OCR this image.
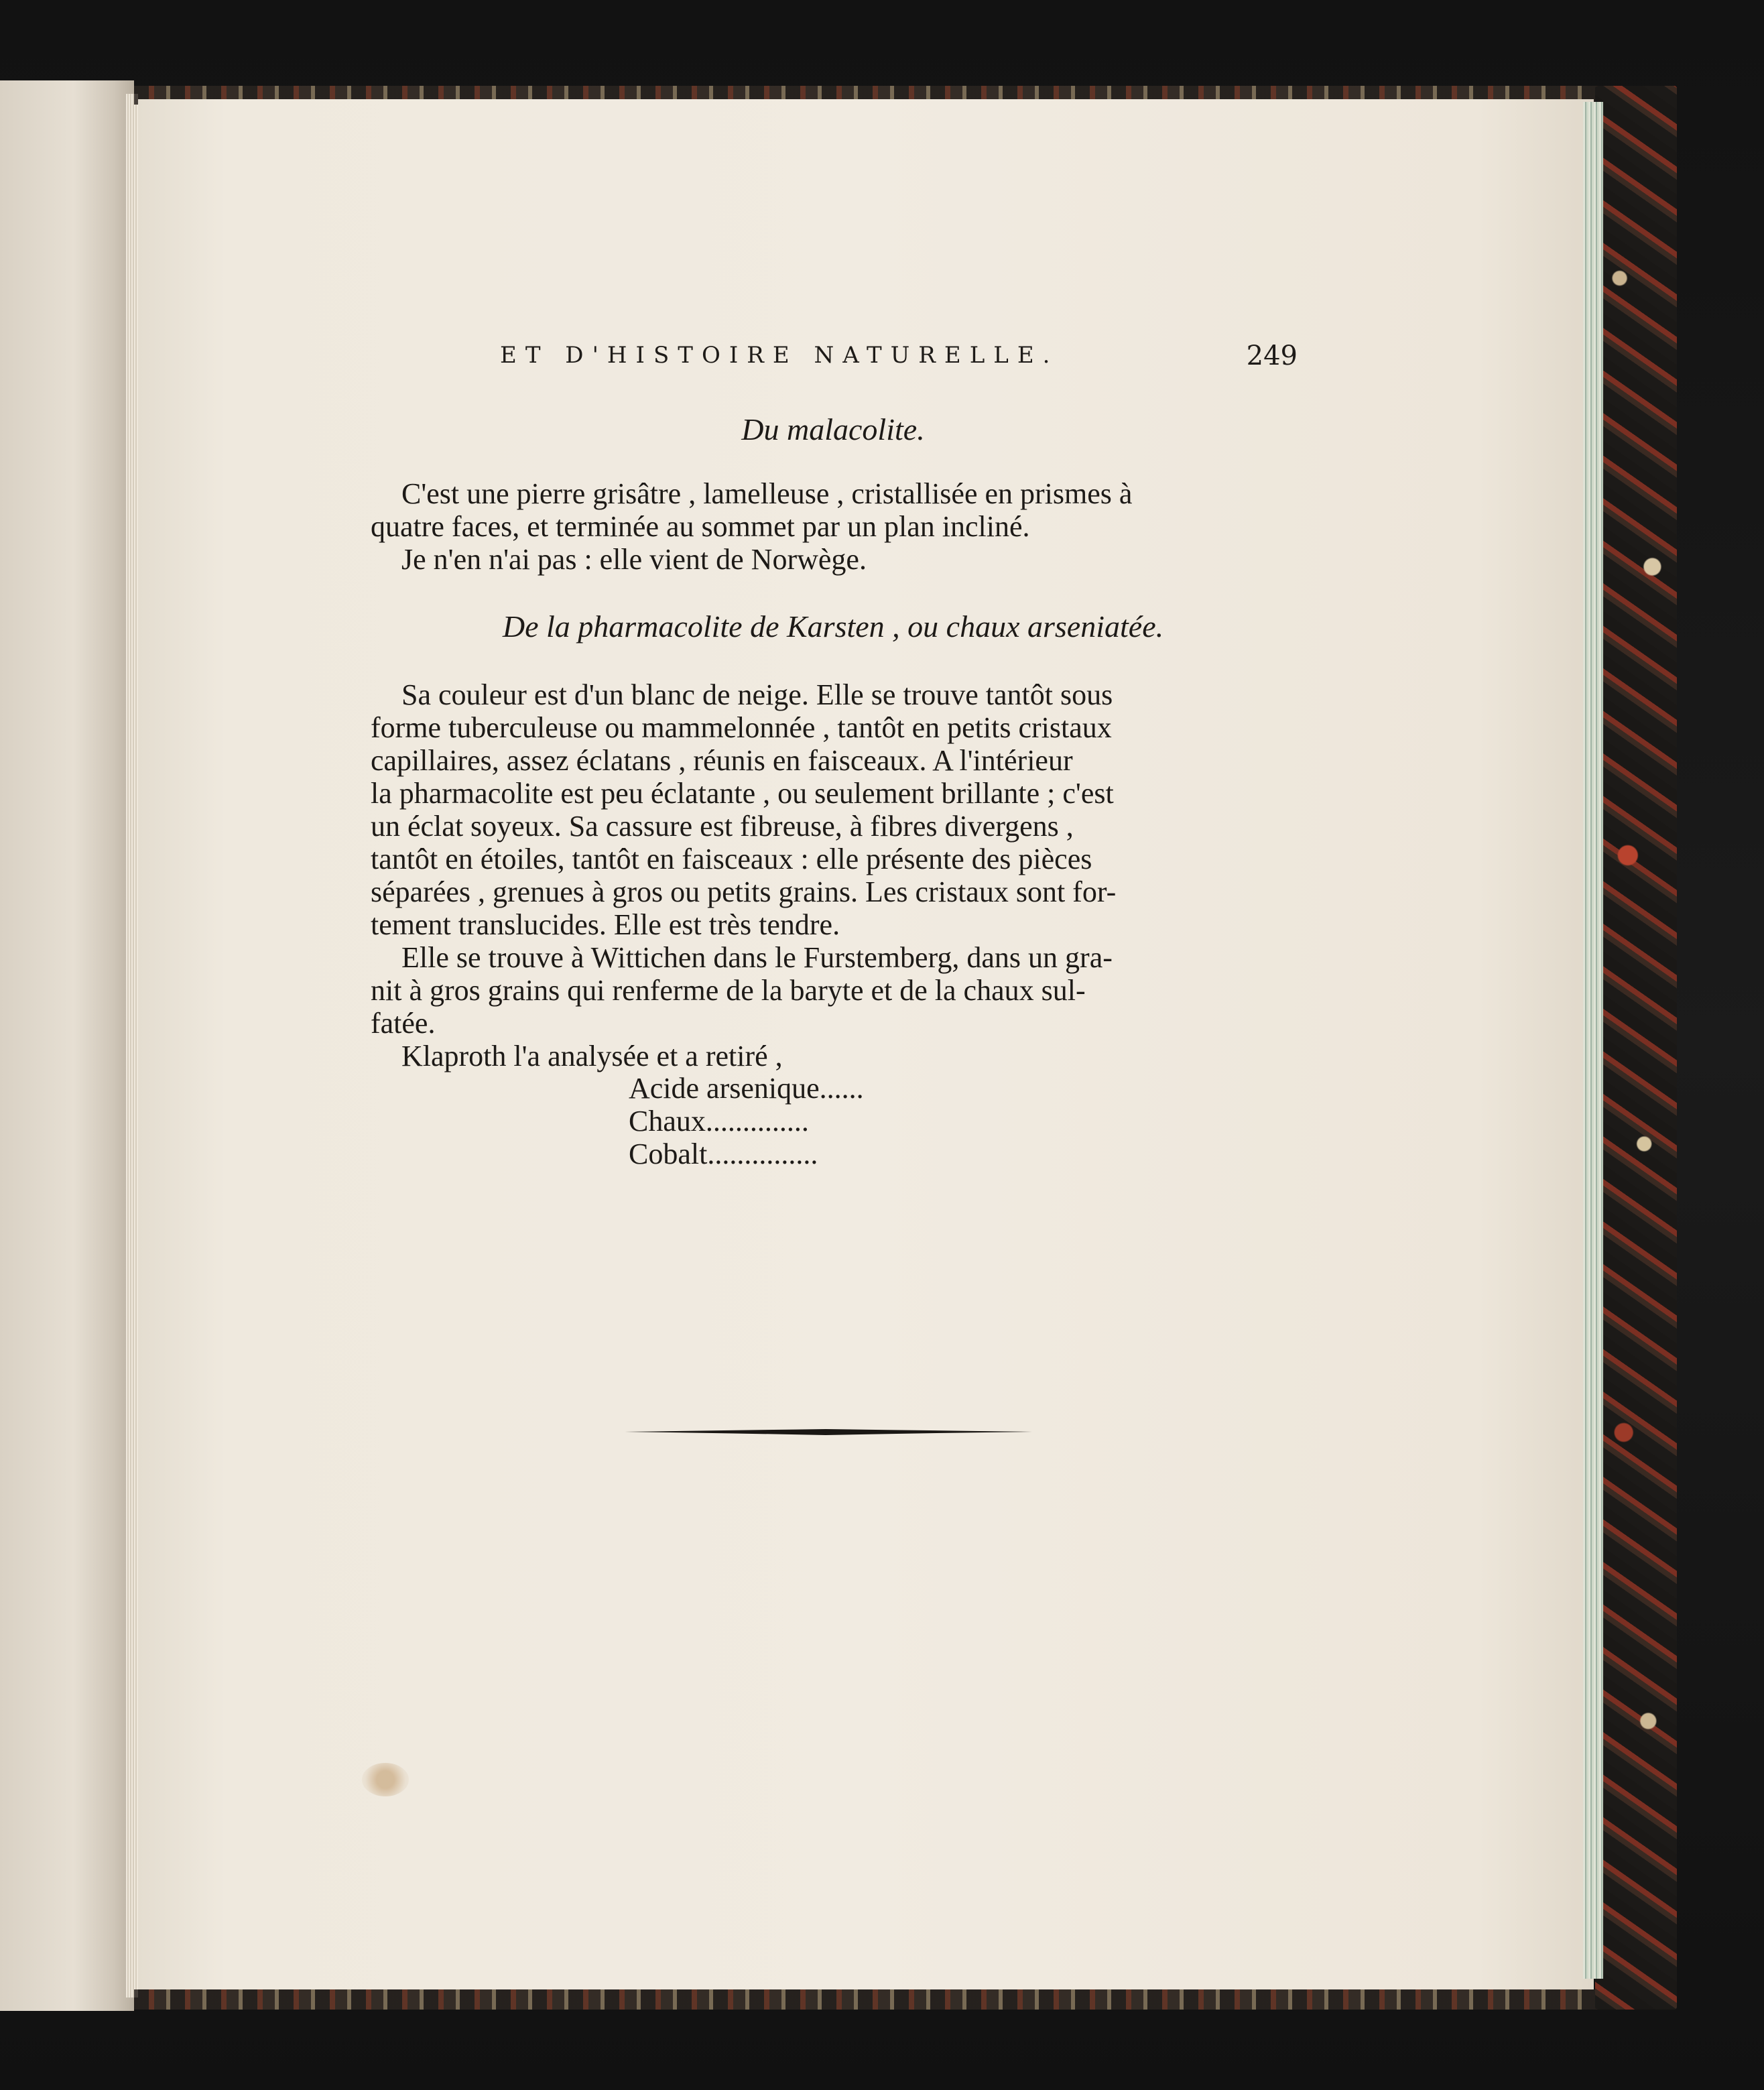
ET D'HISTOIRE NATURELLE.	249
Du malacolite.

C'est une pierre grisâtre , lamelleuse , cristallisée en prismes à

quatre faces, et terminée au sommet par un plan incliné.

Je n'en n'ai pas : elle vient de Norwège.

De la pharmacolite de Karsten , ou chaux arseniatée.

Sa couleur est d'un blanc de neige. Elle se trouve tantôt sous

forme tuberculeuse ou mammelonnée , tantôt en petits cristaux

capillaires, assez éclatans , réunis en faisceaux. A l'intérieur

la pharmacolite est peu éclatante , ou seulement brillante ; c'est

un éclat soyeux. Sa cassure est fibreuse, à fibres divergens ,

tantôt en étoiles, tantôt en faisceaux : elle présente des pièces

séparées , grenues à gros ou petits grains. Les cristaux sont for-

tement translucides. Elle est très tendre.

Elle se trouve à Wittichen dans le Furstemberg, dans un gra-

nit à gros grains qui renferme de la baryte et de la chaux sul-

fatée.

Klaproth l'a analysée et a retiré ,

Acide arsenique......
Chaux..............
Cobalt...............
